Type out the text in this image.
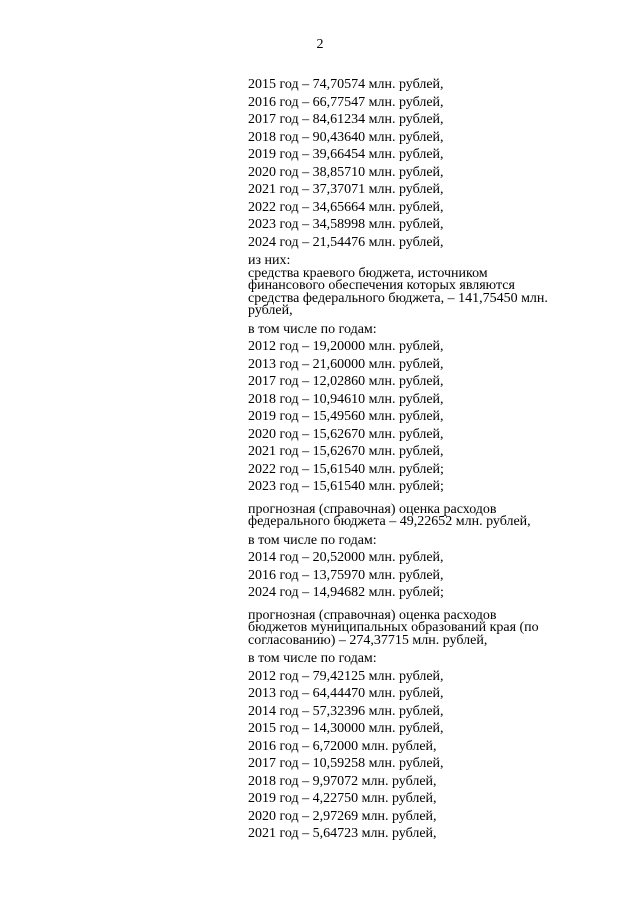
2
2015 год – 74,70574 млн. рублей,
2016 год – 66,77547 млн. рублей,
2017 год – 84,61234 млн. рублей,
2018 год – 90,43640 млн. рублей,
2019 год – 39,66454 млн. рублей,
2020 год – 38,85710 млн. рублей,
2021 год – 37,37071 млн. рублей,
2022 год – 34,65664 млн. рублей,
2023 год – 34,58998 млн. рублей,
2024 год – 21,54476 млн. рублей,
из них:
средства краевого бюджета, источником
финансового обеспечения которых являются
средства федерального бюджета, – 141,75450 млн.
рублей,
в том числе по годам:
2012 год – 19,20000 млн. рублей,
2013 год – 21,60000 млн. рублей,
2017 год – 12,02860 млн. рублей,
2018 год – 10,94610 млн. рублей,
2019 год – 15,49560 млн. рублей,
2020 год – 15,62670 млн. рублей,
2021 год – 15,62670 млн. рублей,
2022 год – 15,61540 млн. рублей;
2023 год – 15,61540 млн. рублей;
прогнозная (справочная) оценка расходов
федерального бюджета – 49,22652 млн. рублей,
в том числе по годам:
2014 год – 20,52000 млн. рублей,
2016 год – 13,75970 млн. рублей,
2024 год – 14,94682 млн. рублей;
прогнозная (справочная) оценка расходов
бюджетов муниципальных образований края (по
согласованию) – 274,37715 млн. рублей,
в том числе по годам:
2012 год – 79,42125 млн. рублей,
2013 год – 64,44470 млн. рублей,
2014 год – 57,32396 млн. рублей,
2015 год – 14,30000 млн. рублей,
2016 год – 6,72000 млн. рублей,
2017 год – 10,59258 млн. рублей,
2018 год – 9,97072 млн. рублей,
2019 год – 4,22750 млн. рублей,
2020 год – 2,97269 млн. рублей,
2021 год – 5,64723 млн. рублей,
